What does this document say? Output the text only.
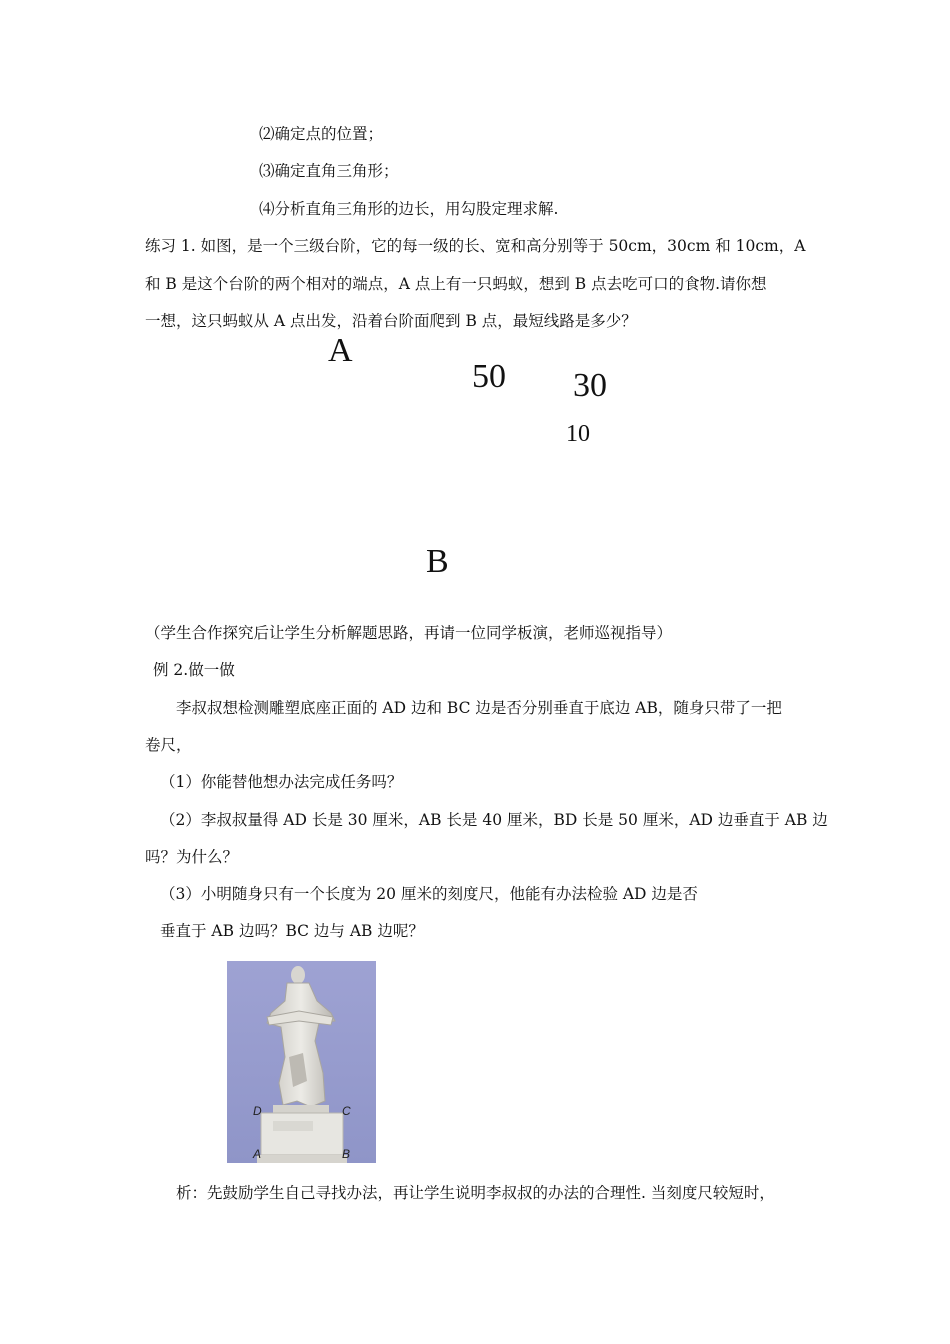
⑵确定点的位置；
⑶确定直角三角形；
⑷分析直角三角形的边长，用勾股定理求解.
练习 1. 如图，是一个三级台阶，它的每一级的长、宽和高分别等于 50cm，30cm 和 10cm，A
和 B 是这个台阶的两个相对的端点，A 点上有一只蚂蚁，想到 B 点去吃可口的食物.请你想
一想，这只蚂蚁从 A 点出发，沿着台阶面爬到 B 点，最短线路是多少？
A
50 30
10
B
（学生合作探究后让学生分析解题思路，再请一位同学板演，老师巡视指导）
例 2.做一做
李叔叔想检测雕塑底座正面的 AD 边和 BC 边是否分别垂直于底边 AB，随身只带了一把
卷尺，
（1）你能替他想办法完成任务吗？
（2）李叔叔量得 AD 长是 30 厘米，AB 长是 40 厘米，BD 长是 50 厘米，AD 边垂直于 AB 边
吗？为什么？
（3）小明随身只有一个长度为 20 厘米的刻度尺，他能有办法检验 AD 边是否
垂直于 AB 边吗？BC 边与 AB 边呢？
D	C
A	B
析：先鼓励学生自己寻找办法，再让学生说明李叔叔的办法的合理性. 当刻度尺较短时，
